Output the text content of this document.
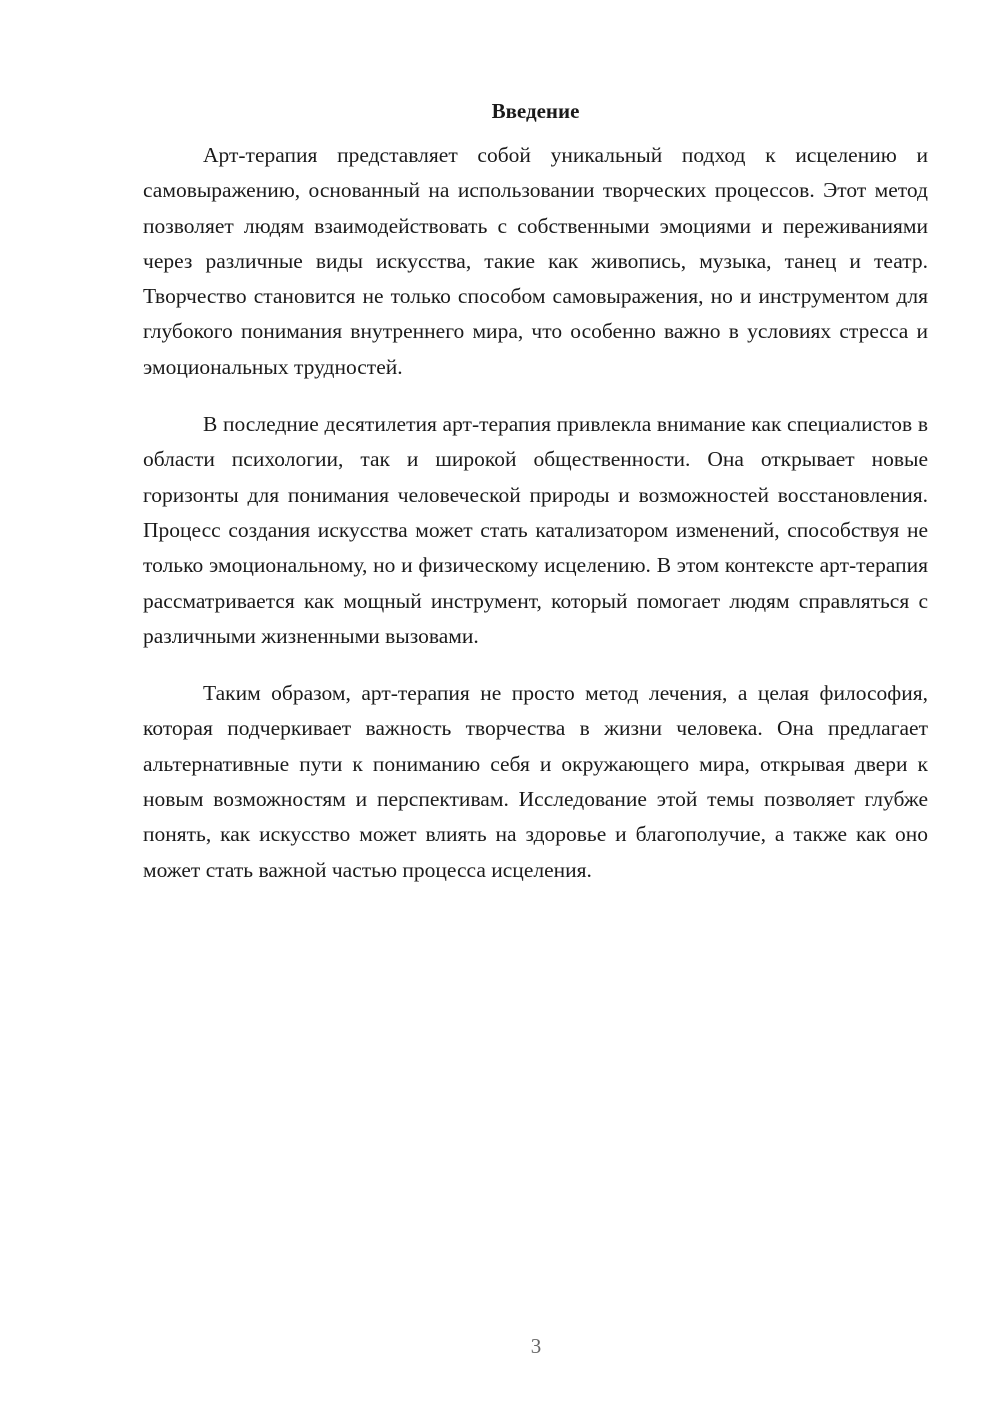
Введение

Арт-терапия представляет собой уникальный подход к исцелению и самовыражению, основанный на использовании творческих процессов. Этот метод позволяет людям взаимодействовать с собственными эмоциями и переживаниями через различные виды искусства, такие как живопись, музыка, танец и театр. Творчество становится не только способом самовыражения, но и инструментом для глубокого понимания внутреннего мира, что особенно важно в условиях стресса и эмоциональных трудностей.

В последние десятилетия арт-терапия привлекла внимание как специалистов в области психологии, так и широкой общественности. Она открывает новые горизонты для понимания человеческой природы и возможностей восстановления. Процесс создания искусства может стать катализатором изменений, способствуя не только эмоциональному, но и физическому исцелению. В этом контексте арт-терапия рассматривается как мощный инструмент, который помогает людям справляться с различными жизненными вызовами.

Таким образом, арт-терапия не просто метод лечения, а целая философия, которая подчеркивает важность творчества в жизни человека. Она предлагает альтернативные пути к пониманию себя и окружающего мира, открывая двери к новым возможностям и перспективам. Исследование этой темы позволяет глубже понять, как искусство может влиять на здоровье и благополучие, а также как оно может стать важной частью процесса исцеления.

3
